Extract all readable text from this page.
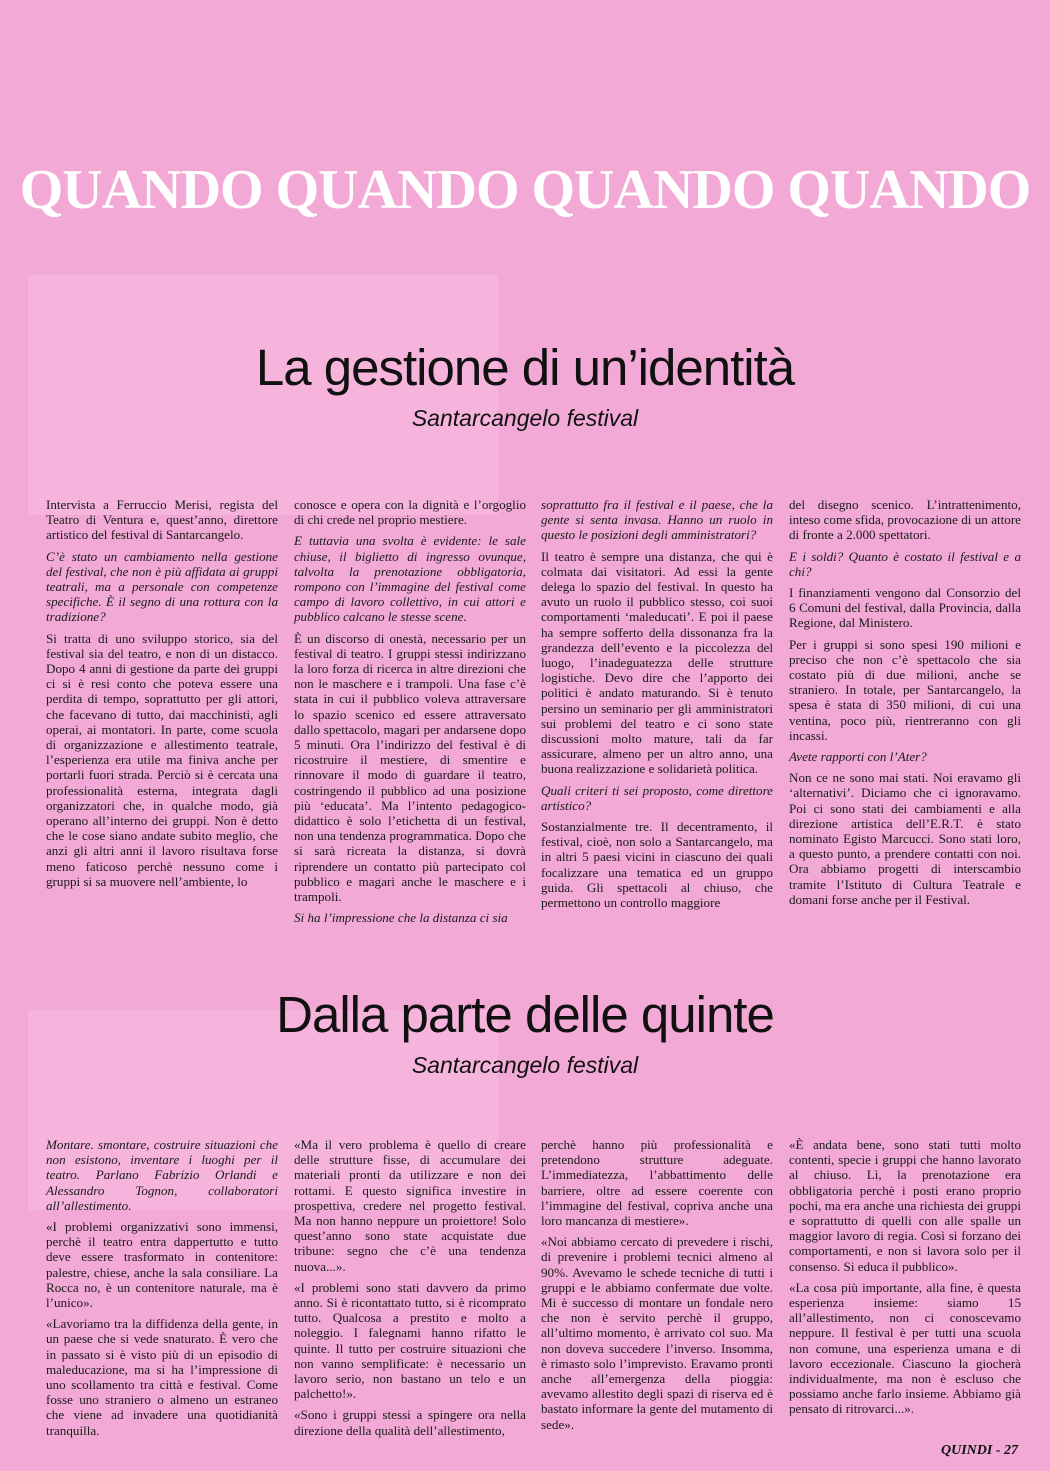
QUANDO QUANDO QUANDO QUANDO
La gestione di un’identità
Santarcangelo festival

Intervista a Ferruccio Merisi, regista del Teatro di Ventura e, quest’anno, direttore artistico del festival di Santarcangelo.

C’è stato un cambiamento nella gestione del festival, che non è più affidata ai gruppi teatrali, ma a personale con competenze specifiche. È il segno di una rottura con la tradizione?

Si tratta di uno sviluppo storico, sia del festival sia del teatro, e non di un distacco. Dopo 4 anni di gestione da parte dei gruppi ci si è resi conto che poteva essere una perdita di tempo, soprattutto per gli attori, che facevano di tutto, dai macchinisti, agli operai, ai montatori. In parte, come scuola di organizzazione e allestimento teatrale, l’esperienza era utile ma finiva anche per portarli fuori strada. Perciò si è cercata una professionalità esterna, integrata dagli organizzatori che, in qualche modo, già operano all’interno dei gruppi. Non è detto che le cose siano andate subito meglio, che anzi gli altri anni il lavoro risultava forse meno faticoso perchè nessuno come i gruppi si sa muovere nell’ambiente, lo

conosce e opera con la dignità e l’orgoglio di chi crede nel proprio mestiere.

E tuttavia una svolta è evidente: le sale chiuse, il biglietto di ingresso ovunque, talvolta la prenotazione obbligatoria, rompono con l’immagine del festival come campo di lavoro collettivo, in cui attori e pubblico calcano le stesse scene.

È un discorso di onestà, necessario per un festival di teatro. I gruppi stessi indirizzano la loro forza di ricerca in altre direzioni che non le maschere e i trampoli. Una fase c’è stata in cui il pubblico voleva attraversare lo spazio scenico ed essere attraversato dallo spettacolo, magari per andarsene dopo 5 minuti. Ora l’indirizzo del festival è di ricostruire il mestiere, di smentire e rinnovare il modo di guardare il teatro, costringendo il pubblico ad una posizione più ‘educata’. Ma l’intento pedagogico-didattico è solo l’etichetta di un festival, non una tendenza programmatica. Dopo che si sarà ricreata la distanza, si dovrà riprendere un contatto più partecipato col pubblico e magari anche le maschere e i trampoli.

Si ha l’impressione che la distanza ci sia

soprattutto fra il festival e il paese, che la gente si senta invasa. Hanno un ruolo in questo le posizioni degli amministratori?

Il teatro è sempre una distanza, che qui è colmata dai visitatori. Ad essi la gente delega lo spazio del festival. In questo ha avuto un ruolo il pubblico stesso, coi suoi comportamenti ‘maleducati’. E poi il paese ha sempre sofferto della dissonanza fra la grandezza dell’evento e la piccolezza del luogo, l’inadeguatezza delle strutture logistiche. Devo dire che l’apporto dei politici è andato maturando. Si è tenuto persino un seminario per gli amministratori sui problemi del teatro e ci sono state discussioni molto mature, tali da far assicurare, almeno per un altro anno, una buona realizzazione e solidarietà politica.

Quali criteri ti sei proposto, come direttore artistico?

Sostanzialmente tre. Il decentramento, il festival, cioè, non solo a Santarcangelo, ma in altri 5 paesi vicini in ciascuno dei quali focalizzare una tematica ed un gruppo guida. Gli spettacoli al chiuso, che permettono un controllo maggiore

del disegno scenico. L’intrattenimento, inteso come sfida, provocazione di un attore di fronte a 2.000 spettatori.

E i soldi? Quanto è costato il festival e a chi?

I finanziamenti vengono dal Consorzio del 6 Comuni del festival, dalla Provincia, dalla Regione, dal Ministero.

Per i gruppi si sono spesi 190 milioni e preciso che non c’è spettacolo che sia costato più di due milioni, anche se straniero. In totale, per Santarcangelo, la spesa è stata di 350 milioni, di cui una ventina, poco più, rientreranno con gli incassi.

Avete rapporti con l’Ater?

Non ce ne sono mai stati. Noi eravamo gli ‘alternativi’. Diciamo che ci ignoravamo. Poi ci sono stati dei cambiamenti e alla direzione artistica dell’E.R.T. è stato nominato Egisto Marcucci. Sono stati loro, a questo punto, a prendere contatti con noi. Ora abbiamo progetti di interscambio tramite l’Istituto di Cultura Teatrale e domani forse anche per il Festival.

Dalla parte delle quinte
Santarcangelo festival

Montare. smontare, costruire situazioni che non esistono, inventare i luoghi per il teatro. Parlano Fabrizio Orlandi e Alessandro Tognon, collaboratori all’allestimento.

«I problemi organizzativi sono immensi, perchè il teatro entra dappertutto e tutto deve essere trasformato in contenitore: palestre, chiese, anche la sala consiliare. La Rocca no, è un contenitore naturale, ma è l’unico».

«Lavoriamo tra la diffidenza della gente, in un paese che si vede snaturato. È vero che in passato si è visto più di un episodio di maleducazione, ma si ha l’impressione di uno scollamento tra città e festival. Come fosse uno straniero o almeno un estraneo che viene ad invadere una quotidianità tranquilla.

«Ma il vero problema è quello di creare delle strutture fisse, di accumulare dei materiali pronti da utilizzare e non dei rottami. E questo significa investire in prospettiva, credere nel progetto festival. Ma non hanno neppure un proiettore! Solo quest’anno sono state acquistate due tribune: segno che c’è una tendenza nuova...».

«I problemi sono stati davvero da primo anno. Si è ricontattato tutto, si è ricomprato tutto. Qualcosa a prestito e molto a noleggio. I falegnami hanno rifatto le quinte. Il tutto per costruire situazioni che non vanno semplificate: è necessario un lavoro serio, non bastano un telo e un palchetto!».

«Sono i gruppi stessi a spingere ora nella direzione della qualità dell’allestimento,

perchè hanno più professionalità e pretendono strutture adeguate. L’immediatezza, l’abbattimento delle barriere, oltre ad essere coerente con l’immagine del festival, copriva anche una loro mancanza di mestiere».

«Noi abbiamo cercato di prevedere i rischi, di prevenire i problemi tecnici almeno al 90%. Avevamo le schede tecniche di tutti i gruppi e le abbiamo confermate due volte. Mi è successo di montare un fondale nero che non è servito perchè il gruppo, all’ultimo momento, è arrivato col suo. Ma non doveva succedere l’inverso. Insomma, è rimasto solo l’imprevisto. Eravamo pronti anche all’emergenza della pioggia: avevamo allestito degli spazi di riserva ed è bastato informare la gente del mutamento di sede».

«È andata bene, sono stati tutti molto contenti, specie i gruppi che hanno lavorato al chiuso. Lì, la prenotazione era obbligatoria perchè i posti erano proprio pochi, ma era anche una richiesta dei gruppi e soprattutto di quelli con alle spalle un maggior lavoro di regia. Così si forzano dei comportamenti, e non si lavora solo per il consenso. Si educa il pubblico».

«La cosa più importante, alla fine, è questa esperienza insieme: siamo 15 all’allestimento, non ci conoscevamo neppure. Il festival è per tutti una scuola non comune, una esperienza umana e di lavoro eccezionale. Ciascuno la giocherà individualmente, ma non è escluso che possiamo anche farlo insieme. Abbiamo già pensato di ritrovarci...».

QUINDI - 27
